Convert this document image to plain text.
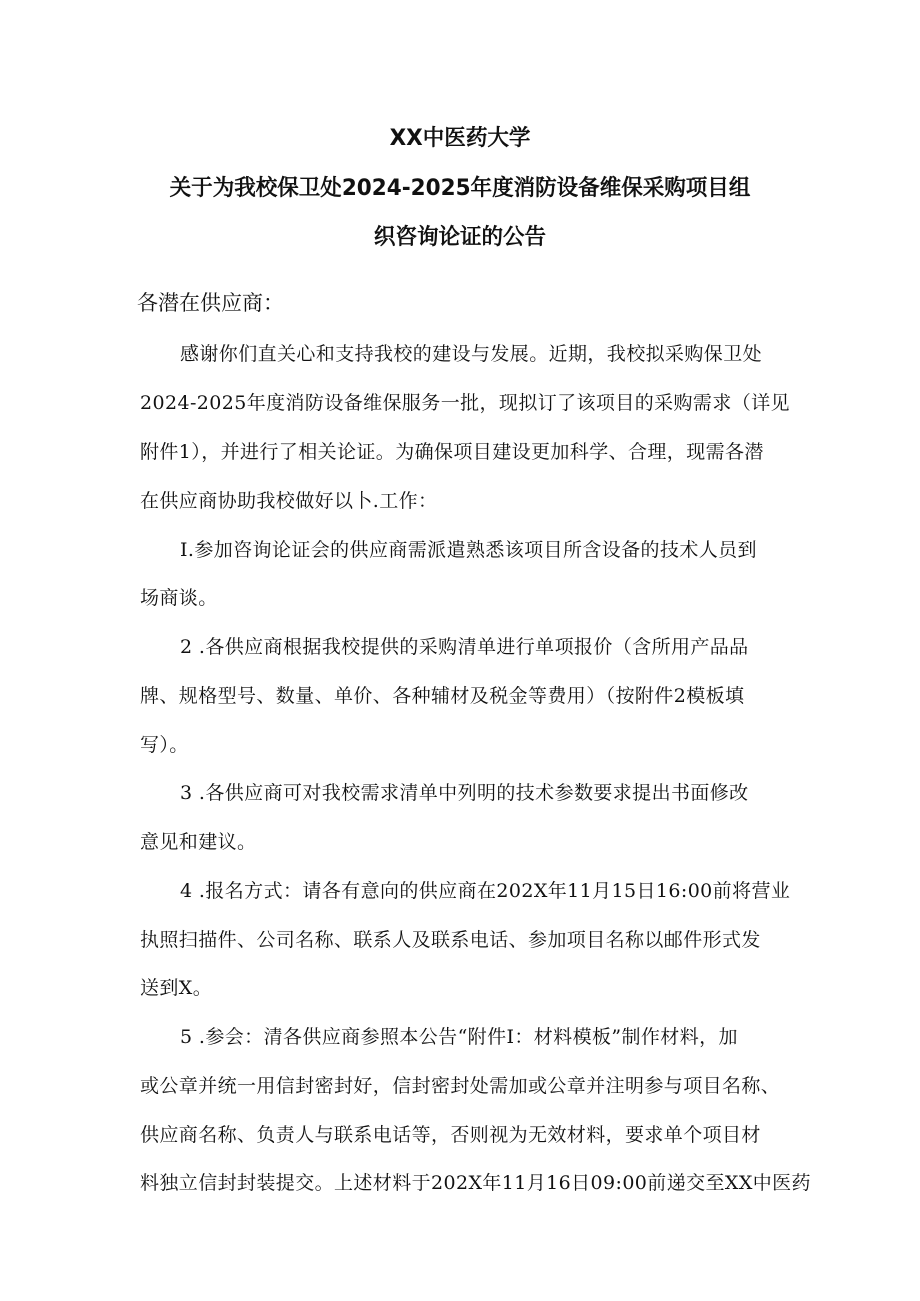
XX中医药大学
关于为我校保卫处2024-2025年度消防设备维保采购项目组
织咨询论证的公告
各潜在供应商：
感谢你们直关心和支持我校的建设与发展。近期，我校拟采购保卫处
2024-2025年度消防设备维保服务一批，现拟订了该项目的采购需求（详见
附件1），并进行了相关论证。为确保项目建设更加科学、合理，现需各潜
在供应商协助我校做好以卜.工作：
I.参加咨询论证会的供应商需派遣熟悉该项目所含设备的技术人员到
场商谈。
2 .各供应商根据我校提供的采购清单进行单项报价（含所用产品品
牌、规格型号、数量、单价、各种辅材及税金等费用）（按附件2模板填
写）。
3 .各供应商可对我校需求清单中列明的技术参数要求提出书面修改
意见和建议。
4 .报名方式：请各有意向的供应商在202X年11月15日16:00前将营业
执照扫描件、公司名称、联系人及联系电话、参加项目名称以邮件形式发
送到X。
5 .参会：清各供应商参照本公告“附件I：材料模板”制作材料，加
或公章并统一用信封密封好，信封密封处需加或公章并注明参与项目名称、
供应商名称、负责人与联系电话等，否则视为无效材料，要求单个项目材
料独立信封封装提交。上述材料于202X年11月16日09:00前递交至XX中医药
